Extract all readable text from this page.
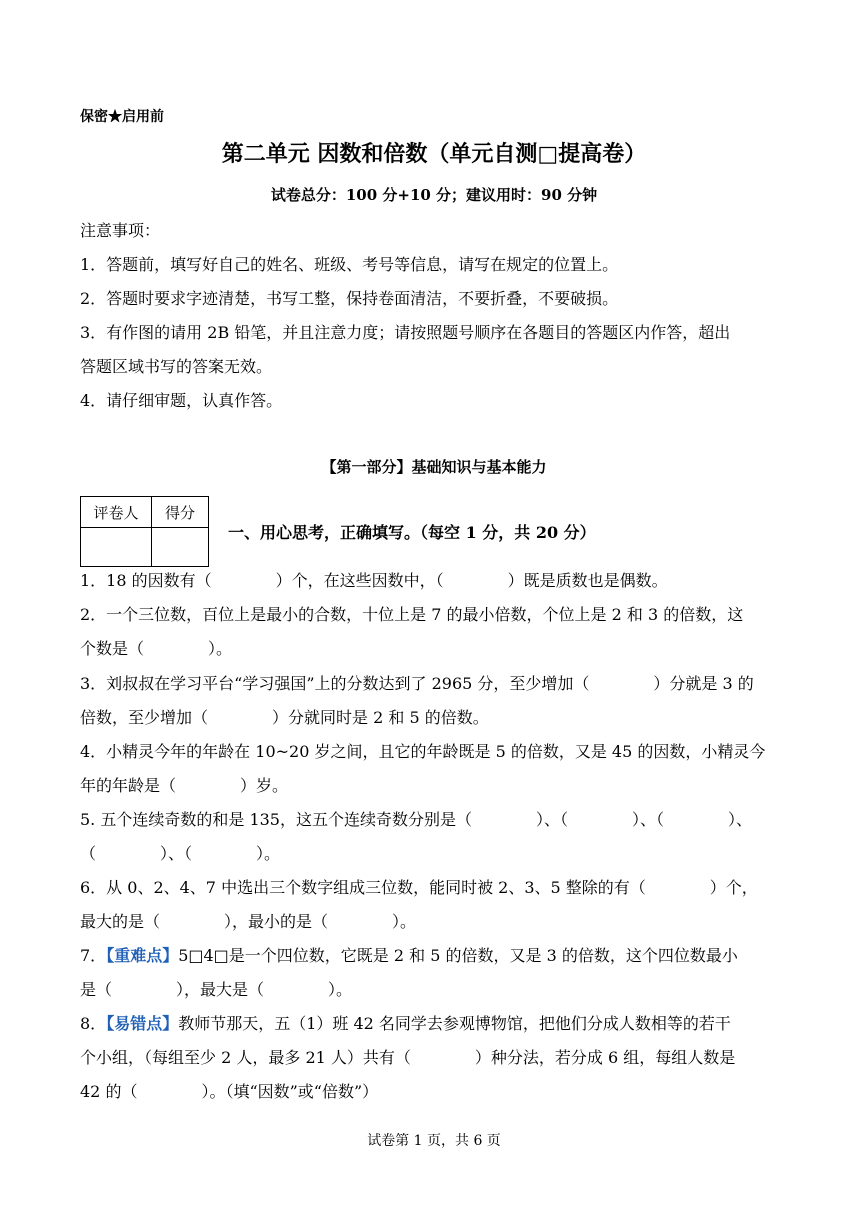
保密★启用前
第二单元 因数和倍数（单元自测□提高卷）
试卷总分：100 分+10 分；建议用时：90 分钟
注意事项：
1．答题前，填写好自己的姓名、班级、考号等信息，请写在规定的位置上。
2．答题时要求字迹清楚，书写工整，保持卷面清洁，不要折叠，不要破损。
3．有作图的请用 2B 铅笔，并且注意力度；请按照题号顺序在各题目的答题区内作答，超出
答题区域书写的答案无效。
4．请仔细审题，认真作答。
【第一部分】基础知识与基本能力
评卷人	得分

一、用心思考，正确填写。（每空 1 分，共 20 分）
1．18 的因数有（　　　　）个，在这些因数中，（　　　　）既是质数也是偶数。
2．一个三位数，百位上是最小的合数，十位上是 7 的最小倍数，个位上是 2 和 3 的倍数，这
个数是（　　　　）。
3．刘叔叔在学习平台“学习强国”上的分数达到了 2965 分，至少增加（　　　　）分就是 3 的
倍数，至少增加（　　　　）分就同时是 2 和 5 的倍数。
4．小精灵今年的年龄在 10~20 岁之间，且它的年龄既是 5 的倍数，又是 45 的因数，小精灵今
年的年龄是（　　　　）岁。
5. 五个连续奇数的和是 135，这五个连续奇数分别是（　　　　）、（　　　　）、（　　　　）、
（　　　　）、（　　　　）。
6．从 0、2、4、7 中选出三个数字组成三位数，能同时被 2、3、5 整除的有（　　　　）个，
最大的是（　　　　），最小的是（　　　　）。
7．【重难点】5□4□是一个四位数，它既是 2 和 5 的倍数，又是 3 的倍数，这个四位数最小
是（　　　　），最大是（　　　　）。
8．【易错点】教师节那天，五（1）班 42 名同学去参观博物馆，把他们分成人数相等的若干
个小组，（每组至少 2 人，最多 21 人）共有（　　　　）种分法，若分成 6 组，每组人数是
42 的（　　　　）。（填“因数”或“倍数”）
试卷第 1 页，共 6 页
